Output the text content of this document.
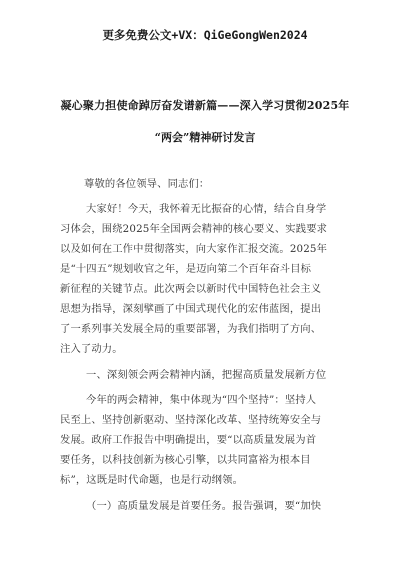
更多免费公文+VX：QiGeGongWen2024
凝心聚力担使命踔厉奋发谱新篇——深入学习贯彻2025年
“两会”精神研讨发言
尊敬的各位领导、同志们：
大家好！今天，我怀着无比振奋的心情，结合自身学
习体会，围绕2025年全国两会精神的核心要义、实践要求
以及如何在工作中贯彻落实，向大家作汇报交流。2025年
是“十四五”规划收官之年，是迈向第二个百年奋斗目标
新征程的关键节点。此次两会以新时代中国特色社会主义
思想为指导，深刻擘画了中国式现代化的宏伟蓝图，提出
了一系列事关发展全局的重要部署，为我们指明了方向、
注入了动力。
一、深刻领会两会精神内涵，把握高质量发展新方位
今年的两会精神，集中体现为“四个坚持”：坚持人
民至上、坚持创新驱动、坚持深化改革、坚持统筹安全与
发展。政府工作报告中明确提出，要“以高质量发展为首
要任务，以科技创新为核心引擎，以共同富裕为根本目
标”，这既是时代命题，也是行动纲领。
（一）高质量发展是首要任务。报告强调，要“加快
